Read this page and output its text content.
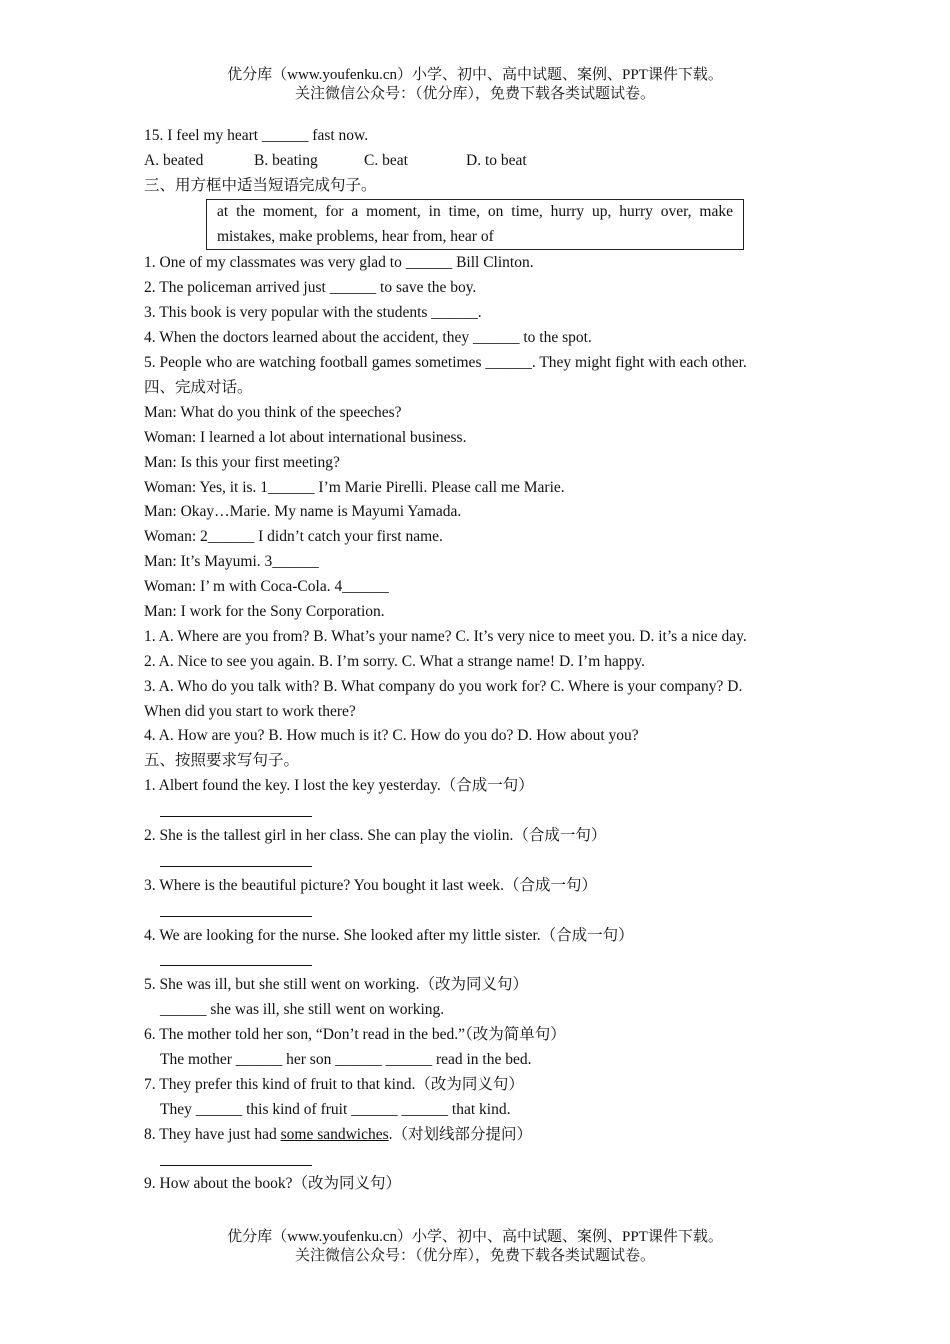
优分库（www.youfenku.cn）小学、初中、高中试题、案例、PPT课件下载。
关注微信公众号：（优分库），免费下载各类试题试卷。
15. I feel my heart ______ fast now.
A. beated	B. beating	C. beat	D. to beat
三、用方框中适当短语完成句子。
at the moment, for a moment, in time, on time, hurry up, hurry over, make mistakes, make problems, hear from, hear of
1. One of my classmates was very glad to ______ Bill Clinton.
2. The policeman arrived just ______ to save the boy.
3. This book is very popular with the students ______.
4. When the doctors learned about the accident, they ______ to the spot.
5. People who are watching football games sometimes ______. They might fight with each other.
四、完成对话。
Man: What do you think of the speeches?
Woman: I learned a lot about international business.
Man: Is this your first meeting?
Woman: Yes, it is. 1______ I’m Marie Pirelli. Please call me Marie.
Man: Okay…Marie. My name is Mayumi Yamada.
Woman: 2______ I didn’t catch your first name.
Man: It’s Mayumi. 3______
Woman: I’ m with Coca-Cola. 4______
Man: I work for the Sony Corporation.
1. A. Where are you from? B. What’s your name? C. It’s very nice to meet you. D. it’s a nice day.
2. A. Nice to see you again. B. I’m sorry. C. What a strange name! D. I’m happy.
3. A. Who do you talk with? B. What company do you work for? C. Where is your company? D.
When did you start to work there?
4. A. How are you? B. How much is it? C. How do you do? D. How about you?
五、按照要求写句子。
1. Albert found the key. I lost the key yesterday.（合成一句）
2. She is the tallest girl in her class. She can play the violin.（合成一句）
3. Where is the beautiful picture? You bought it last week.（合成一句）
4. We are looking for the nurse. She looked after my little sister.（合成一句）
5. She was ill, but she still went on working.（改为同义句）
______ she was ill, she still went on working.
6. The mother told her son, “Don’t read in the bed.”（改为简单句）
The mother ______ her son ______ ______ read in the bed.
7. They prefer this kind of fruit to that kind.（改为同义句）
They ______ this kind of fruit ______ ______ that kind.
8. They have just had some sandwiches.（对划线部分提问）
9. How about the book?（改为同义句）
优分库（www.youfenku.cn）小学、初中、高中试题、案例、PPT课件下载。
关注微信公众号：（优分库），免费下载各类试题试卷。
